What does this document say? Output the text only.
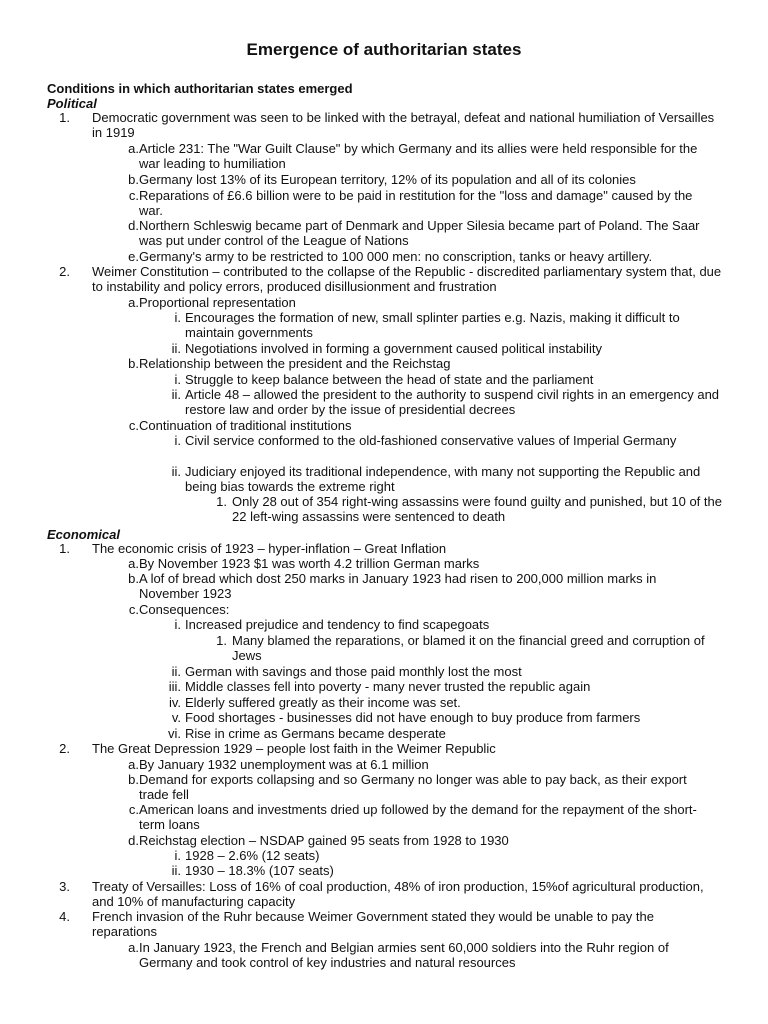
Emergence of authoritarian states

Conditions in which authoritarian states emerged

Political

Economical

1. Democratic government was seen to be linked with the betrayal, defeat and national humiliation of Versailles in 1919
a. Article 231: The "War Guilt Clause" by which Germany and its allies were held responsible for the war leading to humiliation
b. Germany lost 13% of its European territory, 12% of its population and all of its colonies
c. Reparations of £6.6 billion were to be paid in restitution for the "loss and damage" caused by the war.
d. Northern Schleswig became part of Denmark and Upper Silesia became part of Poland. The Saar was put under control of the League of Nations
e. Germany's army to be restricted to 100 000 men: no conscription, tanks or heavy artillery.
2. Weimer Constitution – contributed to the collapse of the Republic - discredited parliamentary system that, due to instability and policy errors, produced disillusionment and frustration
a. Proportional representation
i. Encourages the formation of new, small splinter parties e.g. Nazis, making it difficult to maintain governments
ii. Negotiations involved in forming a government caused political instability
b. Relationship between the president and the Reichstag
i. Struggle to keep balance between the head of state and the parliament
ii. Article 48 – allowed the president to the authority to suspend civil rights in an emergency and restore law and order by the issue of presidential decrees
c. Continuation of traditional institutions
i. Civil service conformed to the old-fashioned conservative values of Imperial Germany
ii. Judiciary enjoyed its traditional independence, with many not supporting the Republic and being bias towards the extreme right
1. Only 28 out of 354 right-wing assassins were found guilty and punished, but 10 of the 22 left-wing assassins were sentenced to death
1. The economic crisis of 1923 – hyper-inflation – Great Inflation
a. By November 1923 $1 was worth 4.2 trillion German marks
b. A lof of bread which dost 250 marks in January 1923 had risen to 200,000 million marks in November 1923
c. Consequences:
i. Increased prejudice and tendency to find scapegoats
1. Many blamed the reparations, or blamed it on the financial greed and corruption of Jews
ii. German with savings and those paid monthly lost the most
iii. Middle classes fell into poverty - many never trusted the republic again
iv. Elderly suffered greatly as their income was set.
v. Food shortages - businesses did not have enough to buy produce from farmers
vi. Rise in crime as Germans became desperate
2. The Great Depression 1929 – people lost faith in the Weimer Republic
a. By January 1932 unemployment was at 6.1 million
b. Demand for exports collapsing and so Germany no longer was able to pay back, as their export trade fell
c. American loans and investments dried up followed by the demand for the repayment of the short-term loans
d. Reichstag election – NSDAP gained 95 seats from 1928 to 1930
i. 1928 – 2.6% (12 seats)
ii. 1930 – 18.3% (107 seats)
3. Treaty of Versailles: Loss of 16% of coal production, 48% of iron production, 15%of agricultural production, and 10% of manufacturing capacity
4. French invasion of the Ruhr because Weimer Government stated they would be unable to pay the reparations
a. In January 1923, the French and Belgian armies sent 60,000 soldiers into the Ruhr region of Germany and took control of key industries and natural resources
